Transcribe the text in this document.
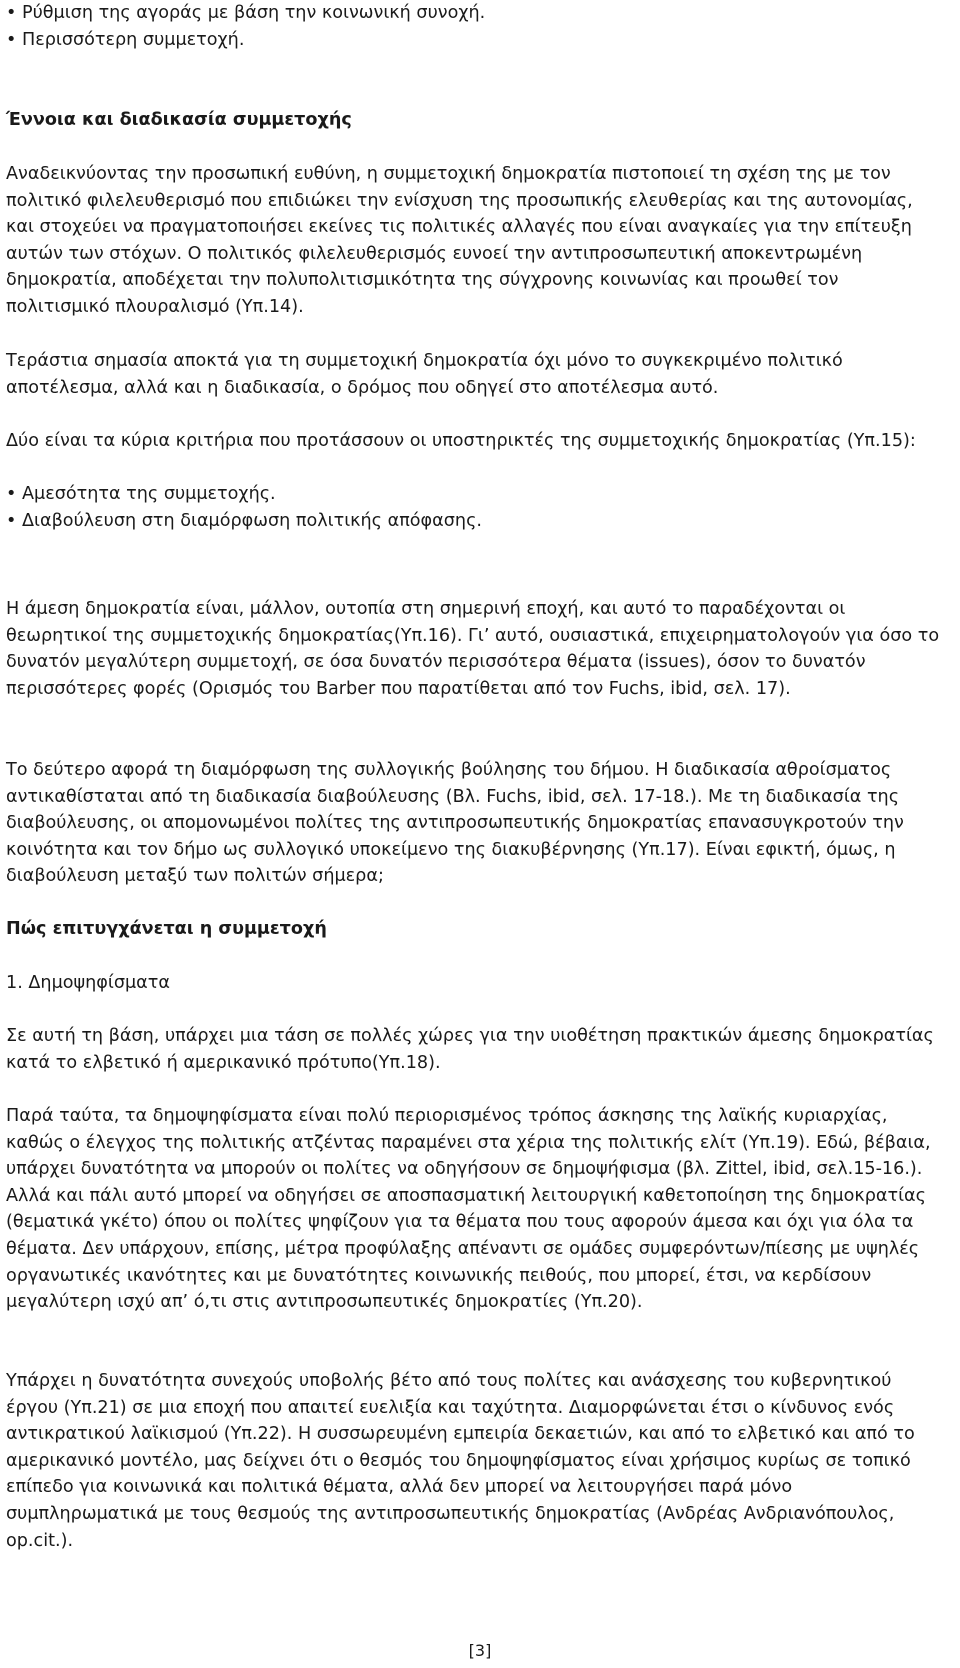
• Ρύθμιση της αγοράς με βάση την κοινωνική συνοχή.
• Περισσότερη συμμετοχή.
Έννοια και διαδικασία συμμετοχής

Αναδεικνύοντας την προσωπική ευθύνη, η συμμετοχική δημοκρατία πιστοποιεί τη σχέση της με τον πολιτικό φιλελευθερισμό που επιδιώκει την ενίσχυση της προσωπικής ελευθερίας και της αυτονομίας, και στοχεύει να πραγματοποιήσει εκείνες τις πολιτικές αλλαγές που είναι αναγκαίες για την επίτευξη αυτών των στόχων. Ο πολιτικός φιλελευθερισμός ευνοεί την αντιπροσωπευτική αποκεντρωμένη δημοκρατία, αποδέχεται την πολυπολιτισμικότητα της σύγχρονης κοινωνίας και προωθεί τον πολιτισμικό πλουραλισμό (Υπ.14).

Τεράστια σημασία αποκτά για τη συμμετοχική δημοκρατία όχι μόνο το συγκεκριμένο πολιτικό αποτέλεσμα, αλλά και η διαδικασία, ο δρόμος που οδηγεί στο αποτέλεσμα αυτό.

Δύο είναι τα κύρια κριτήρια που προτάσσουν οι υποστηρικτές της συμμετοχικής δημοκρατίας (Υπ.15):

• Αμεσότητα της συμμετοχής.
• Διαβούλευση στη διαμόρφωση πολιτικής απόφασης.

Η άμεση δημοκρατία είναι, μάλλον, ουτοπία στη σημερινή εποχή, και αυτό το παραδέχονται οι θεωρητικοί της συμμετοχικής δημοκρατίας(Υπ.16). Γι’ αυτό, ουσιαστικά, επιχειρηματολογούν για όσο το δυνατόν μεγαλύτερη συμμετοχή, σε όσα δυνατόν περισσότερα θέματα (issues), όσον το δυνατόν περισσότερες φορές (Ορισμός του Barber που παρατίθεται από τον Fuchs, ibid, σελ. 17).

Το δεύτερο αφορά τη διαμόρφωση της συλλογικής βούλησης του δήμου. Η διαδικασία αθροίσματος αντικαθίσταται από τη διαδικασία διαβούλευσης (Βλ. Fuchs, ibid, σελ. 17-18.). Με τη διαδικασία της διαβούλευσης, οι απομονωμένοι πολίτες της αντιπροσωπευτικής δημοκρατίας επανασυγκροτούν την κοινότητα και τον δήμο ως συλλογικό υποκείμενο της διακυβέρνησης (Υπ.17). Είναι εφικτή, όμως, η διαβούλευση μεταξύ των πολιτών σήμερα;

Πώς επιτυγχάνεται η συμμετοχή

1. Δημοψηφίσματα

Σε αυτή τη βάση, υπάρχει μια τάση σε πολλές χώρες για την υιοθέτηση πρακτικών άμεσης δημοκρατίας κατά το ελβετικό ή αμερικανικό πρότυπο(Υπ.18).

Παρά ταύτα, τα δημοψηφίσματα είναι πολύ περιορισμένος τρόπος άσκησης της λαϊκής κυριαρχίας, καθώς ο έλεγχος της πολιτικής ατζέντας παραμένει στα χέρια της πολιτικής ελίτ (Υπ.19). Εδώ, βέβαια, υπάρχει δυνατότητα να μπορούν οι πολίτες να οδηγήσουν σε δημοψήφισμα (βλ. Zittel, ibid, σελ.15-16.). Αλλά και πάλι αυτό μπορεί να οδηγήσει σε αποσπασματική λειτουργική καθετοποίηση της δημοκρατίας (θεματικά γκέτο) όπου οι πολίτες ψηφίζουν για τα θέματα που τους αφορούν άμεσα και όχι για όλα τα θέματα. Δεν υπάρχουν, επίσης, μέτρα προφύλαξης απέναντι σε ομάδες συμφερόντων/πίεσης με υψηλές οργανωτικές ικανότητες και με δυνατότητες κοινωνικής πειθούς, που μπορεί, έτσι, να κερδίσουν μεγαλύτερη ισχύ απ’ ό,τι στις αντιπροσωπευτικές δημοκρατίες (Υπ.20).

Υπάρχει η δυνατότητα συνεχούς υποβολής βέτο από τους πολίτες και ανάσχεσης του κυβερνητικού έργου (Υπ.21) σε μια εποχή που απαιτεί ευελιξία και ταχύτητα. Διαμορφώνεται έτσι ο κίνδυνος ενός αντικρατικού λαϊκισμού (Υπ.22). Η συσσωρευμένη εμπειρία δεκαετιών, και από το ελβετικό και από το αμερικανικό μοντέλο, μας δείχνει ότι ο θεσμός του δημοψηφίσματος είναι χρήσιμος κυρίως σε τοπικό επίπεδο για κοινωνικά και πολιτικά θέματα, αλλά δεν μπορεί να λειτουργήσει παρά μόνο συμπληρωματικά με τους θεσμούς της αντιπροσωπευτικής δημοκρατίας (Ανδρέας Ανδριανόπουλος, op.cit.).

[3]
